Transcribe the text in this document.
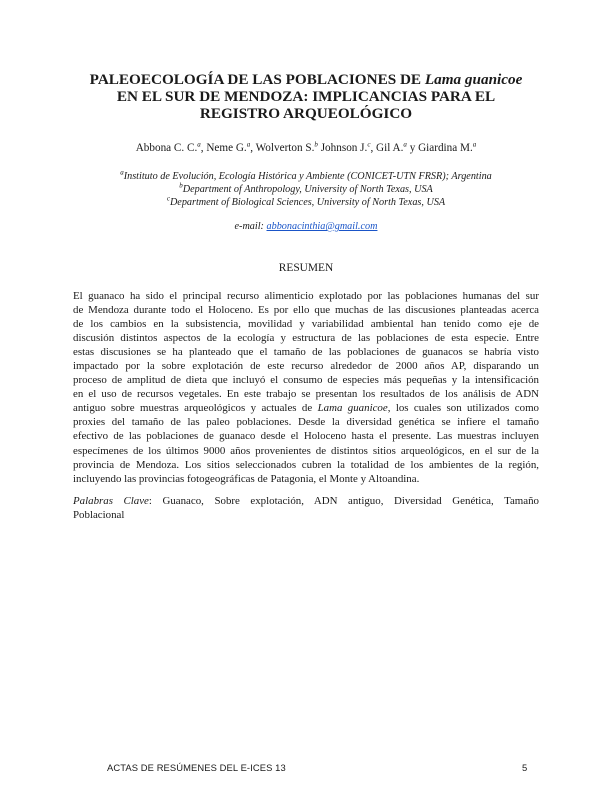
PALEOECOLOGÍA DE LAS POBLACIONES DE Lama guanicoe
EN EL SUR DE MENDOZA: IMPLICANCIAS PARA EL
REGISTRO ARQUEOLÓGICO
Abbona C. C.$^a$, Neme G.$^a$, Wolverton S.$^b$ Johnson J.$^c$, Gil A.$^a$ y Giardina M.$^a$
$^a$Instituto de Evolución, Ecología Histórica y Ambiente (CONICET-UTN FRSR); Argentina
$^b$Department of Anthropology, University of North Texas, USA
$^c$Department of Biological Sciences, University of North Texas, USA
e-mail: abbonacinthia@gmail.com
RESUMEN
El guanaco ha sido el principal recurso alimenticio explotado por las poblaciones humanas del sur
de Mendoza durante todo el Holoceno. Es por ello que muchas de las discusiones planteadas acerca
de los cambios en la subsistencia, movilidad y variabilidad ambiental han tenido como eje de
discusión distintos aspectos de la ecología y estructura de las poblaciones de esta especie. Entre
estas discusiones se ha planteado que el tamaño de las poblaciones de guanacos se habría visto
impactado por la sobre explotación de este recurso alrededor de 2000 años AP, disparando un
proceso de amplitud de dieta que incluyó el consumo de especies más pequeñas y la intensificación
en el uso de recursos vegetales. En este trabajo se presentan los resultados de los análisis de ADN
antiguo sobre muestras arqueológicos y actuales de Lama guanicoe, los cuales son utilizados como
proxies del tamaño de las paleo poblaciones. Desde la diversidad genética se infiere el tamaño
efectivo de las poblaciones de guanaco desde el Holoceno hasta el presente. Las muestras incluyen
especímenes de los últimos 9000 años provenientes de distintos sitios arqueológicos, en el sur de la
provincia de Mendoza. Los sitios seleccionados cubren la totalidad de los ambientes de la región,
incluyendo las provincias fotogeográficas de Patagonia, el Monte y Altoandina.
Palabras Clave: Guanaco, Sobre explotación, ADN antiguo, Diversidad Genética, Tamaño
Poblacional
ACTAS DE RESÚMENES DEL E-ICES 13	5
